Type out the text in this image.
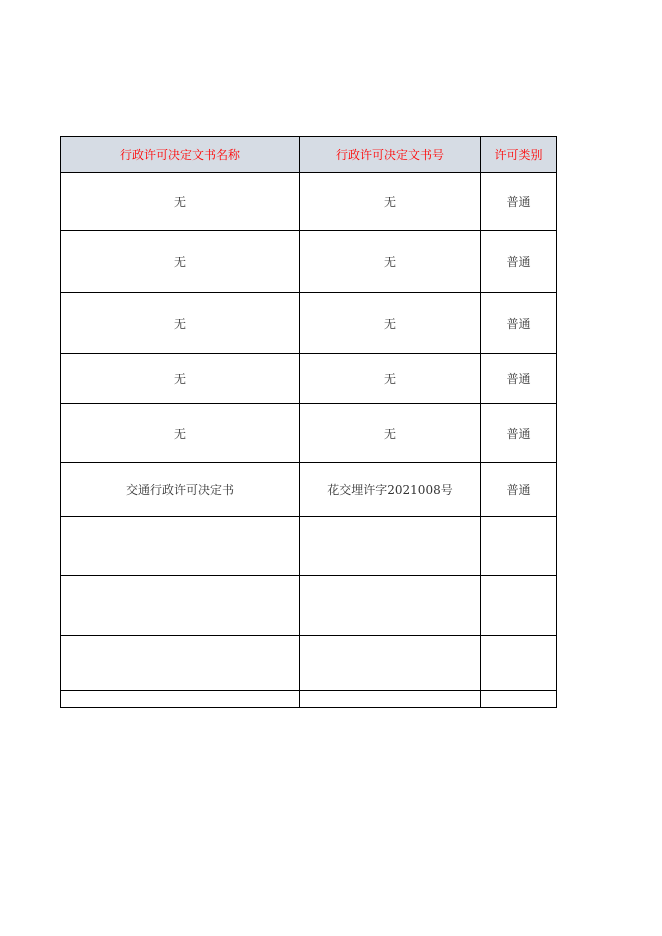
行政许可决定文书名称	行政许可决定文书号	许可类别
无	无	普通
无	无	普通
无	无	普通
无	无	普通
无	无	普通
交通行政许可决定书	花交埋许字2021008号	普通
